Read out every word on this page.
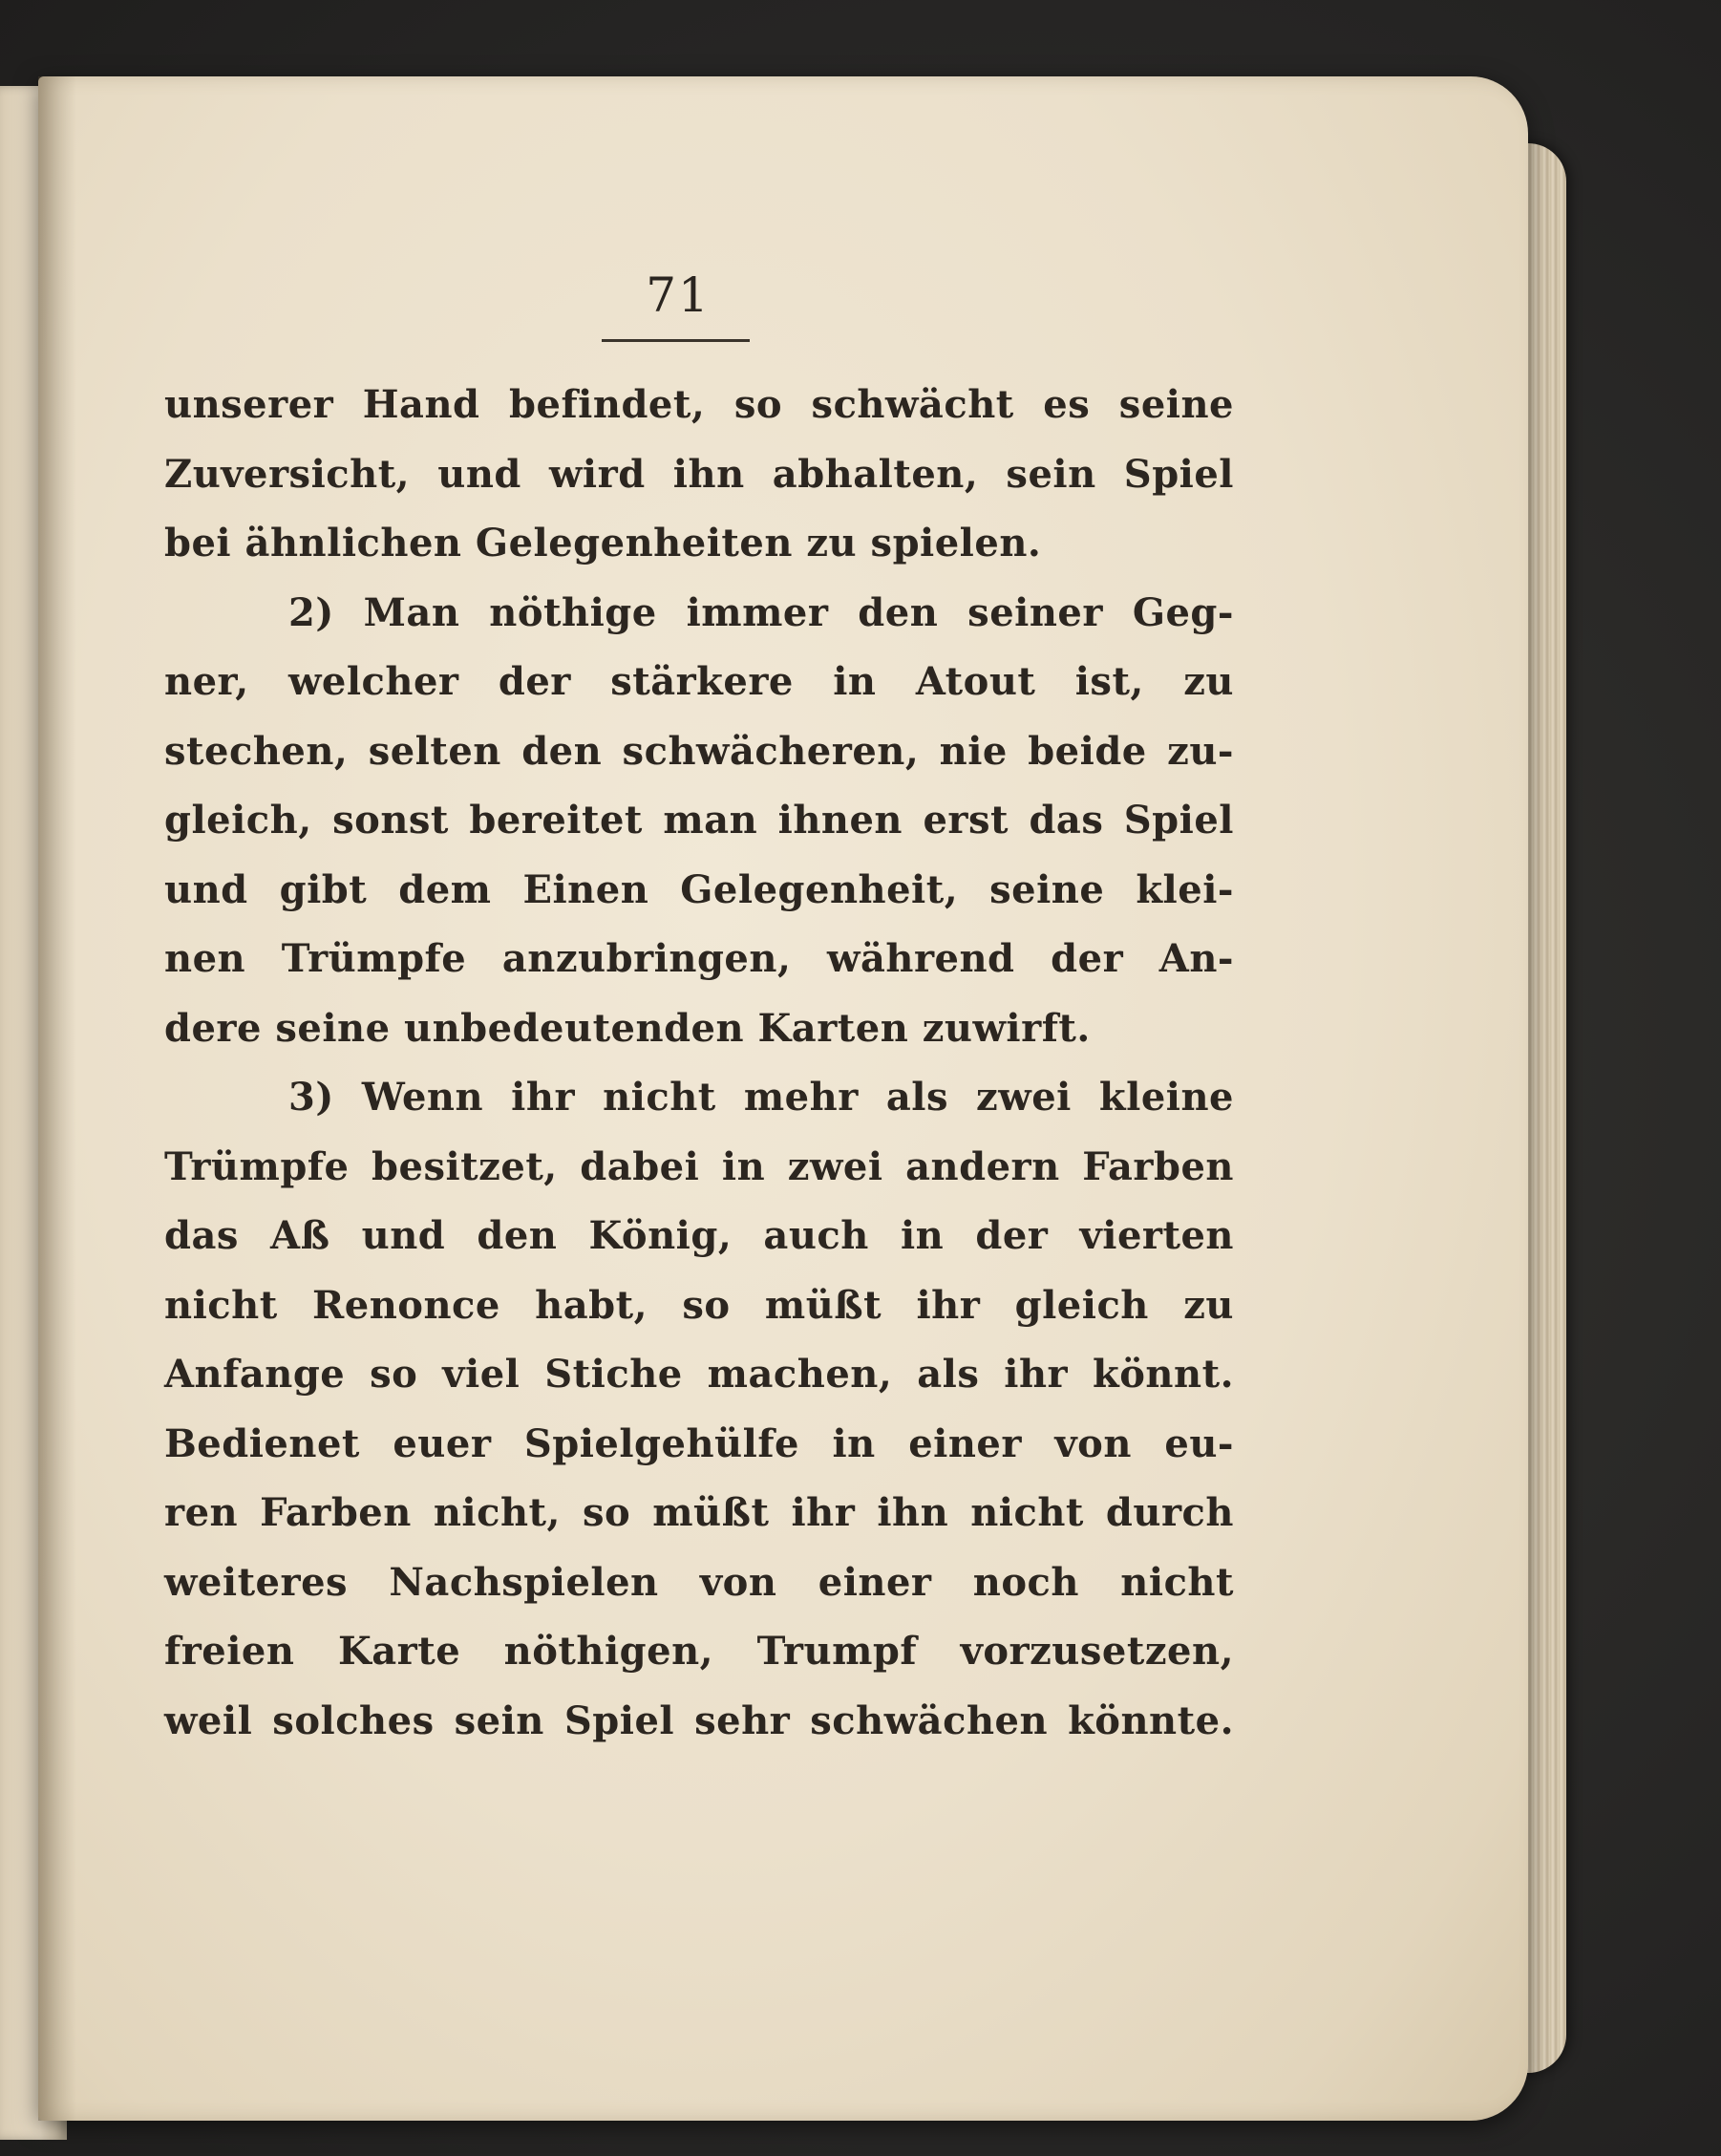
71
unserer Hand befindet, so schwächt es seine
Zuversicht, und wird ihn abhalten, sein Spiel
bei ähnlichen Gelegenheiten zu spielen.
2) Man nöthige immer den seiner Geg-
ner, welcher der stärkere in Atout ist, zu
stechen, selten den schwächeren, nie beide zu-
gleich, sonst bereitet man ihnen erst das Spiel
und gibt dem Einen Gelegenheit, seine klei-
nen Trümpfe anzubringen, während der An-
dere seine unbedeutenden Karten zuwirft.
3) Wenn ihr nicht mehr als zwei kleine
Trümpfe besitzet, dabei in zwei andern Farben
das Aß und den König, auch in der vierten
nicht Renonce habt, so müßt ihr gleich zu
Anfange so viel Stiche machen, als ihr könnt.
Bedienet euer Spielgehülfe in einer von eu-
ren Farben nicht, so müßt ihr ihn nicht durch
weiteres Nachspielen von einer noch nicht
freien Karte nöthigen, Trumpf vorzusetzen,
weil solches sein Spiel sehr schwächen könnte.
